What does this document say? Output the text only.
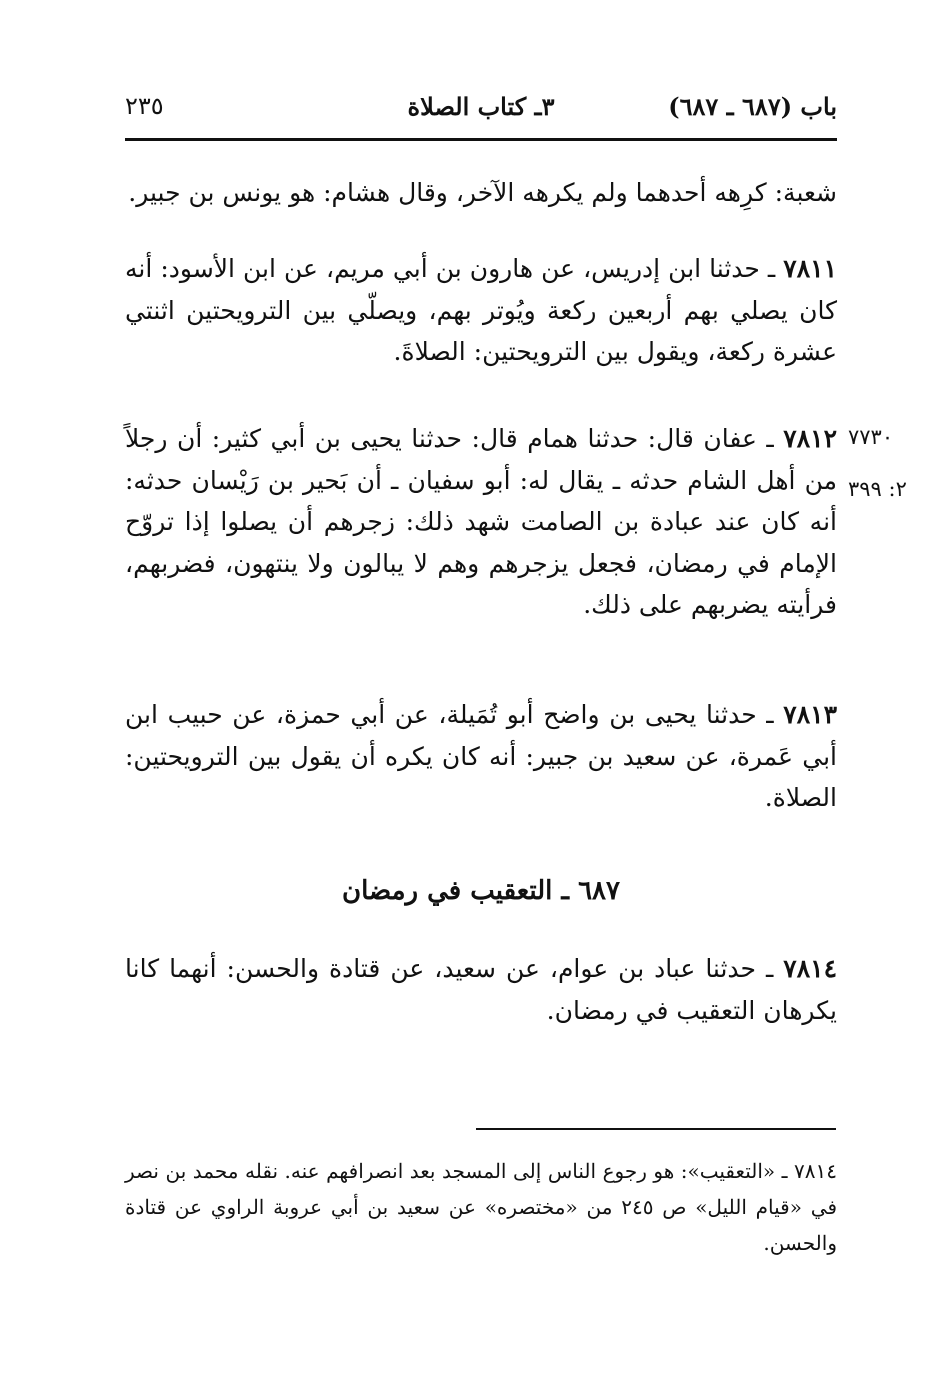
باب (٦٨٧ ـ ٦٨٧)
٣ـ كتاب الصلاة
٢٣٥
شعبة: كرِهه أحدهما ولم يكرهه الآخر، وقال هشام: هو يونس بن جبير.
٧٨١١ ـ حدثنا ابن إدريس، عن هارون بن أبي مريم، عن ابن الأسود: أنه كان يصلي بهم أربعين ركعة ويُوتر بهم، ويصلّي بين الترويحتين اثنتي عشرة ركعة، ويقول بين الترويحتين: الصلاةَ.
٧٨١٢ ـ عفان قال: حدثنا همام قال: حدثنا يحيى بن أبي كثير: أن رجلاً من أهل الشام حدثه ـ يقال له: أبو سفيان ـ أن بَحير بن رَيْسان حدثه: أنه كان عند عبادة بن الصامت شهد ذلك: زجرهم أن يصلوا إذا تروّح الإمام في رمضان، فجعل يزجرهم وهم لا يبالون ولا ينتهون، فضربهم، فرأيته يضربهم على ذلك.
٧٧٣٠
٢: ٣٩٩
٧٨١٣ ـ حدثنا يحيى بن واضح أبو تُمَيلة، عن أبي حمزة، عن حبيب ابن أبي عَمرة، عن سعيد بن جبير: أنه كان يكره أن يقول بين الترويحتين: الصلاة.
٦٨٧ ـ التعقيب في رمضان
٧٨١٤ ـ حدثنا عباد بن عوام، عن سعيد، عن قتادة والحسن: أنهما كانا يكرهان التعقيب في رمضان.
٧٨١٤ ـ «التعقيب»: هو رجوع الناس إلى المسجد بعد انصرافهم عنه. نقله محمد بن نصر في «قيام الليل» ص ٢٤٥ من «مختصره» عن سعيد بن أبي عروبة الراوي عن قتادة والحسن.
